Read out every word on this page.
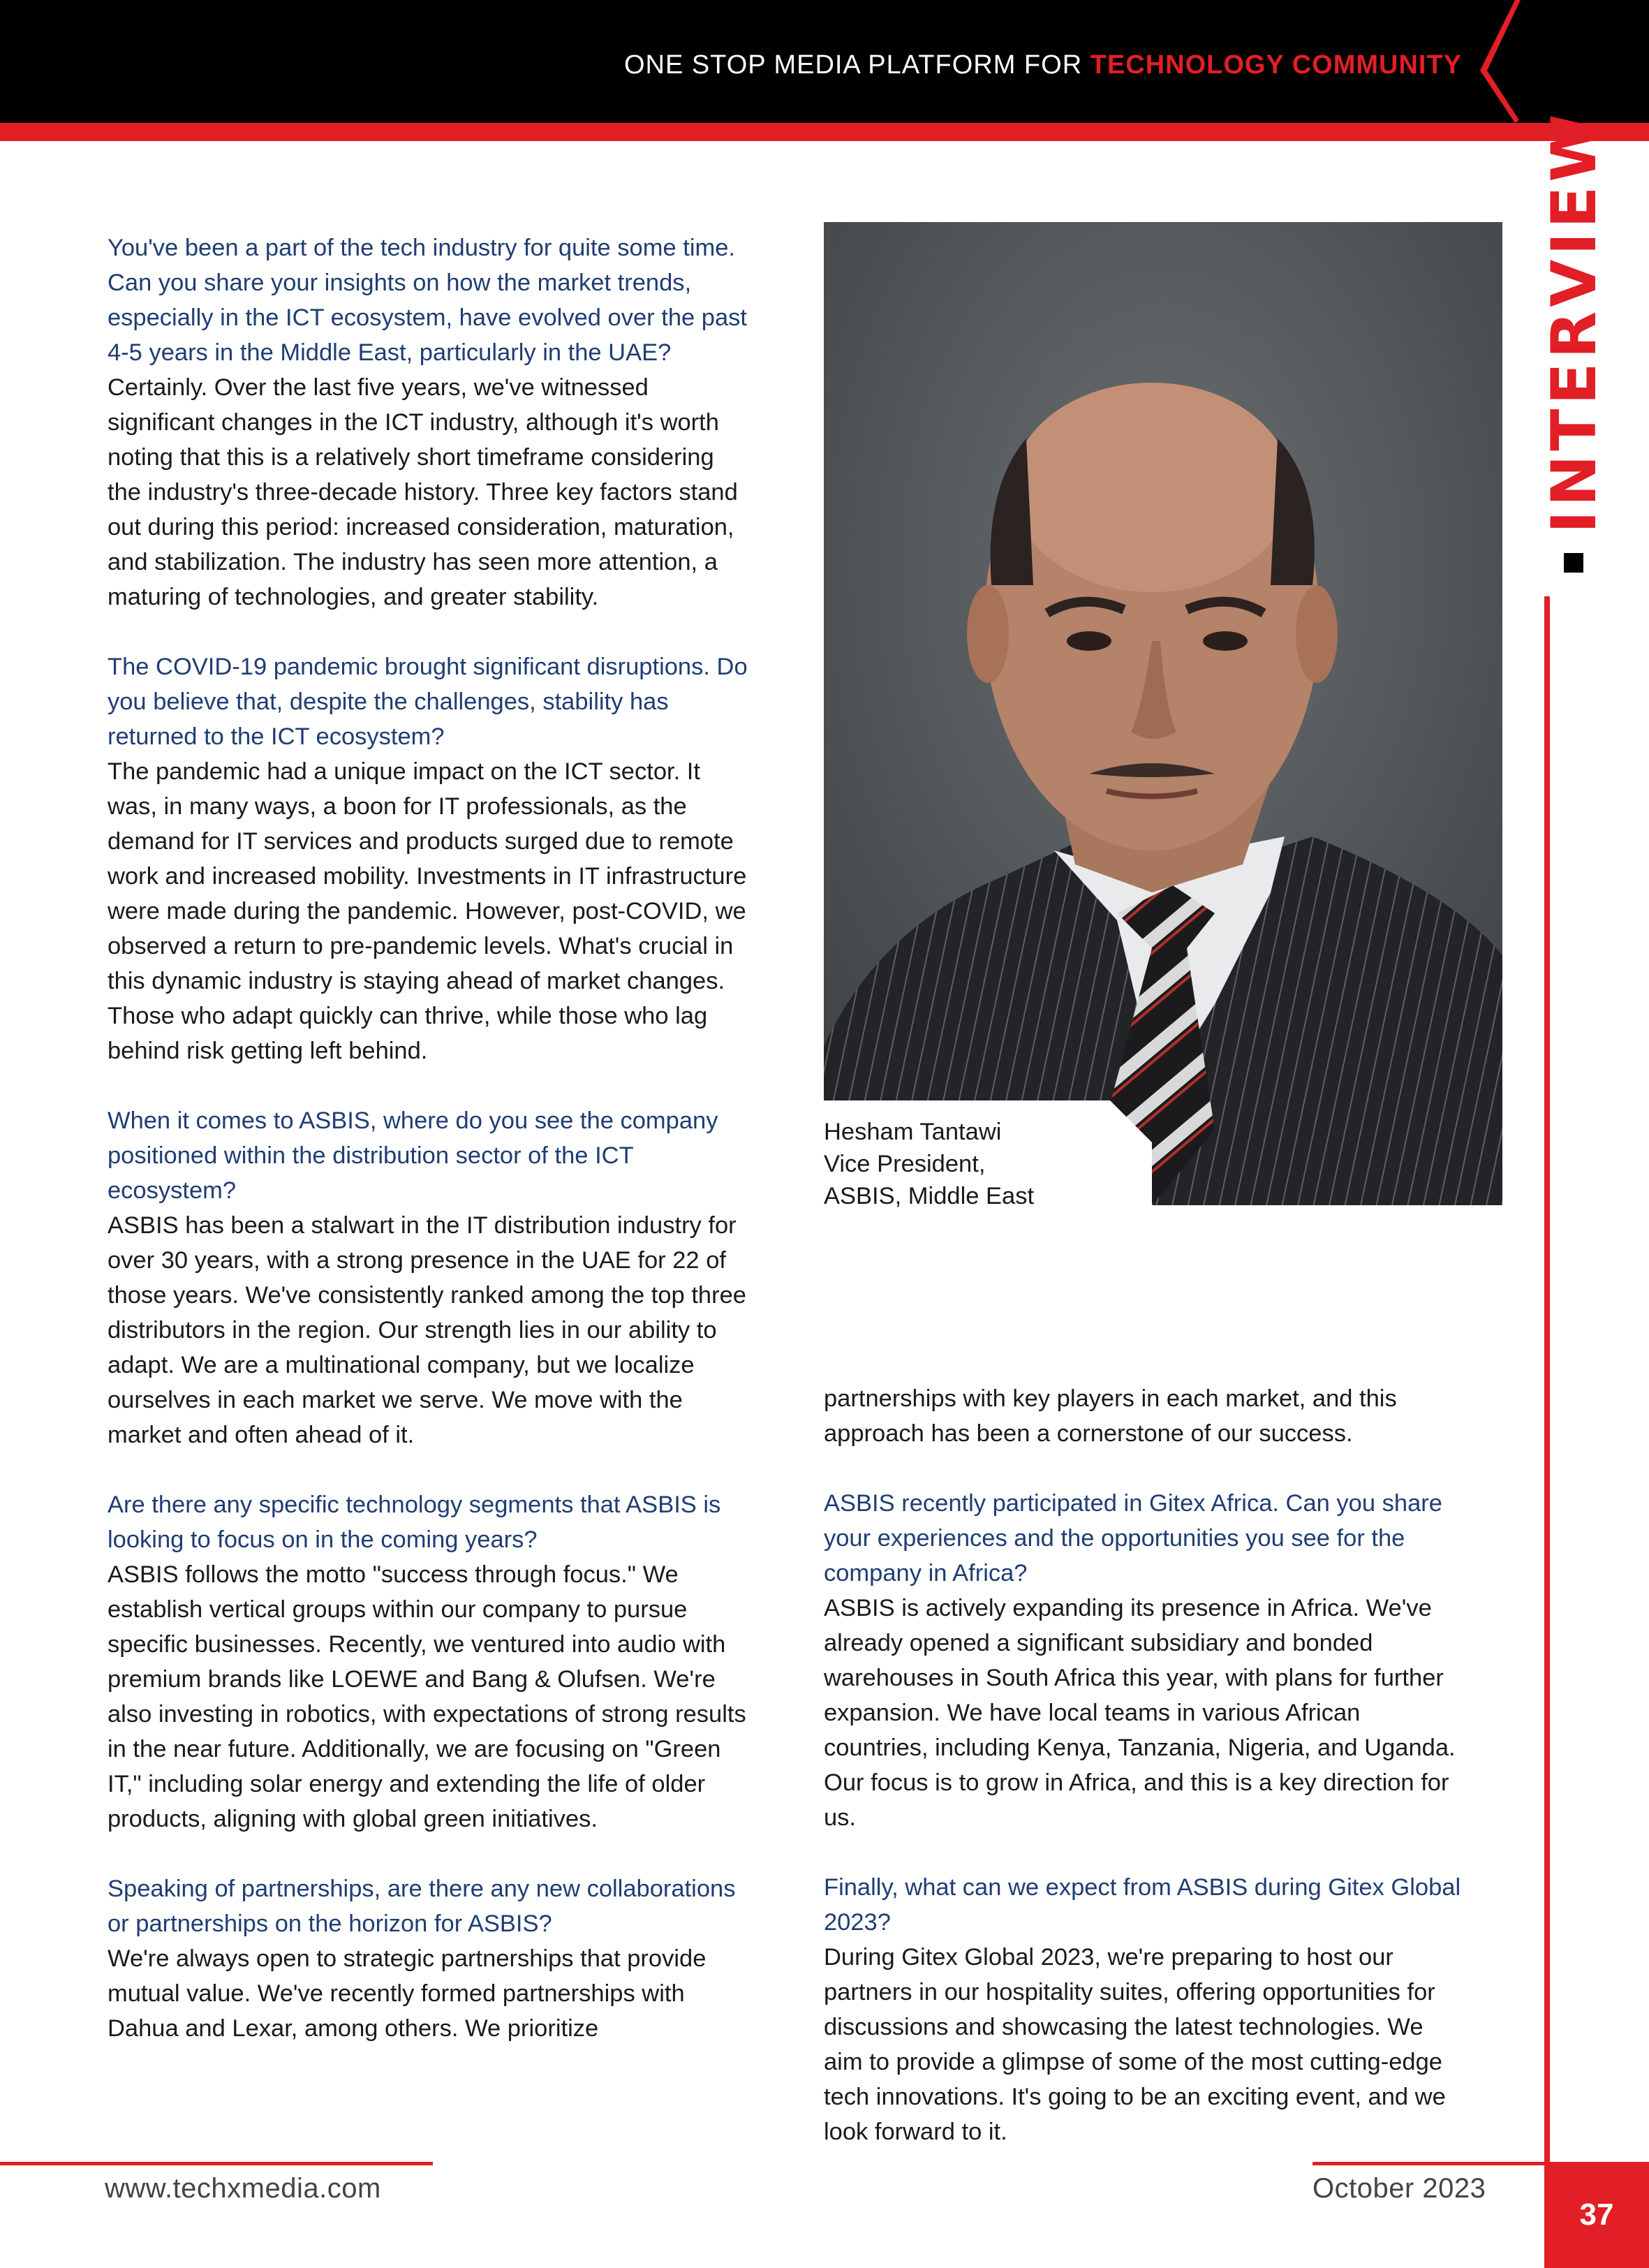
ONE STOP MEDIA PLATFORM FOR TECHNOLOGY COMMUNITY
INTERVIEW

You've been a part of the tech industry for quite some time. Can you share your insights on how the market trends, especially in the ICT ecosystem, have evolved over the past 4-5 years in the Middle East, particularly in the UAE?

Certainly. Over the last five years, we've witnessed significant changes in the ICT industry, although it's worth noting that this is a relatively short timeframe considering the industry's three-decade history. Three key factors stand out during this period: increased consideration, maturation, and stabilization. The industry has seen more attention, a maturing of technologies, and greater stability.

The COVID-19 pandemic brought significant disruptions. Do you believe that, despite the challenges, stability has returned to the ICT ecosystem?

The pandemic had a unique impact on the ICT sector. It was, in many ways, a boon for IT professionals, as the demand for IT services and products surged due to remote work and increased mobility. Investments in IT infrastructure were made during the pandemic. However, post-COVID, we observed a return to pre-pandemic levels. What's crucial in this dynamic industry is staying ahead of market changes. Those who adapt quickly can thrive, while those who lag behind risk getting left behind.

When it comes to ASBIS, where do you see the company positioned within the distribution sector of the ICT ecosystem?

ASBIS has been a stalwart in the IT distribution industry for over 30 years, with a strong presence in the UAE for 22 of those years. We've consistently ranked among the top three distributors in the region. Our strength lies in our ability to adapt. We are a multinational company, but we localize ourselves in each market we serve. We move with the market and often ahead of it.

Are there any specific technology segments that ASBIS is looking to focus on in the coming years?

ASBIS follows the motto "success through focus." We establish vertical groups within our company to pursue specific businesses. Recently, we ventured into audio with premium brands like LOEWE and Bang & Olufsen. We're also investing in robotics, with expectations of strong results in the near future. Additionally, we are focusing on "Green IT," including solar energy and extending the life of older products, aligning with global green initiatives.

Speaking of partnerships, are there any new collaborations or partnerships on the horizon for ASBIS?

We're always open to strategic partnerships that provide mutual value. We've recently formed partnerships with Dahua and Lexar, among others. We prioritize

Hesham Tantawi
Vice President,
ASBIS, Middle East

partnerships with key players in each market, and this approach has been a cornerstone of our success.

ASBIS recently participated in Gitex Africa. Can you share your experiences and the opportunities you see for the company in Africa?

ASBIS is actively expanding its presence in Africa. We've already opened a significant subsidiary and bonded warehouses in South Africa this year, with plans for further expansion. We have local teams in various African countries, including Kenya, Tanzania, Nigeria, and Uganda. Our focus is to grow in Africa, and this is a key direction for us.

Finally, what can we expect from ASBIS during Gitex Global 2023?

During Gitex Global 2023, we're preparing to host our partners in our hospitality suites, offering opportunities for discussions and showcasing the latest technologies. We aim to provide a glimpse of some of the most cutting-edge tech innovations. It's going to be an exciting event, and we look forward to it.

www.techxmedia.com	October 2023
37
